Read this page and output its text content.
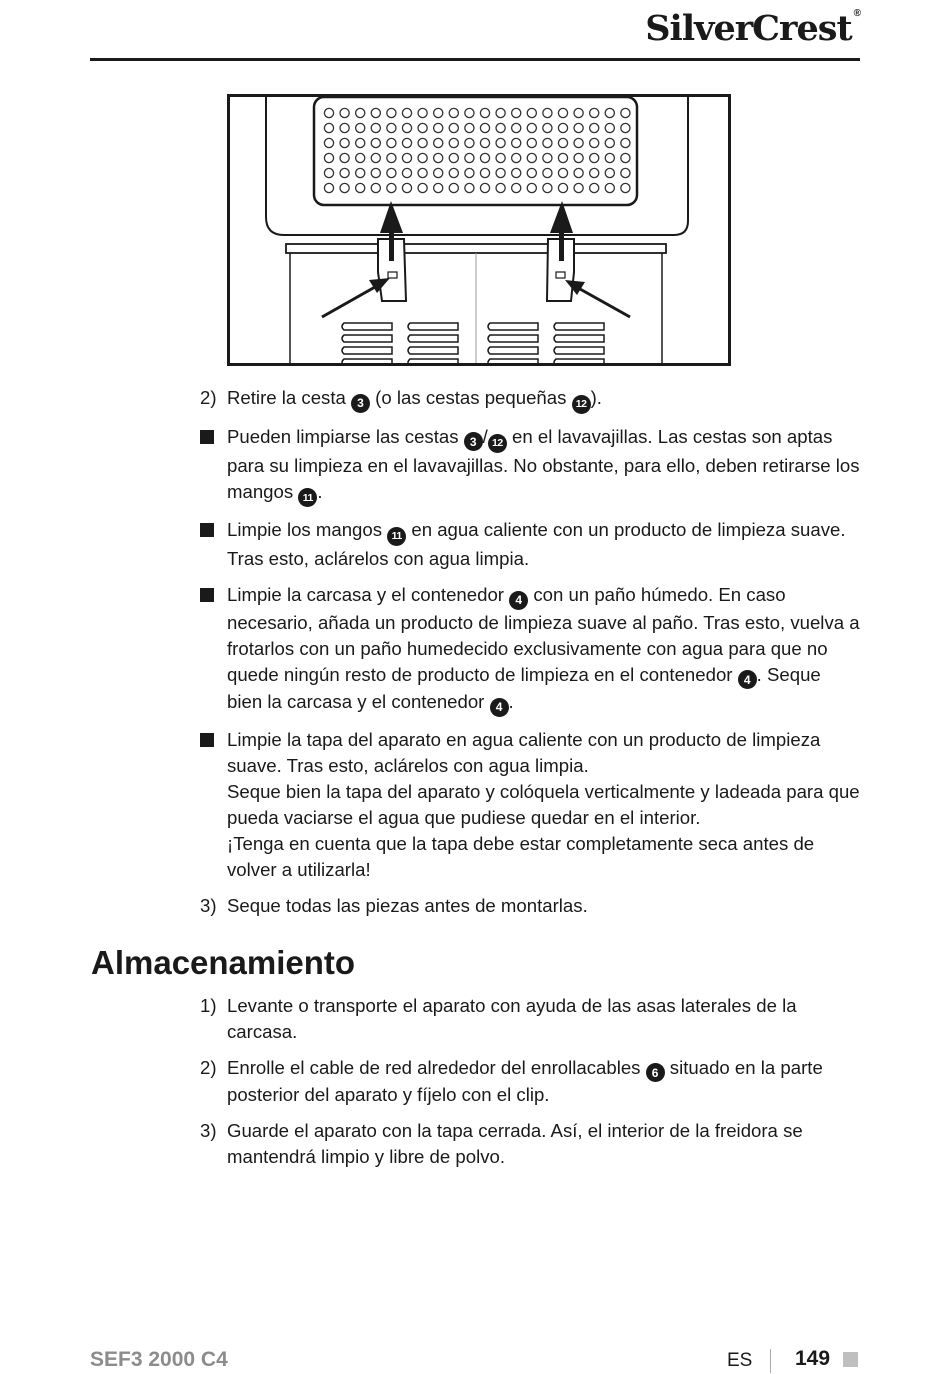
SilverCrest ®
2) Retire la cesta 3 (o las cestas pequeñas 12 ).
Pueden limpiarse las cestas 3 / 12 en el lavavajillas. Las cestas son aptas para su limpieza en el lavavajillas. No obstante, para ello, deben retirarse los mangos 11 .
Limpie los mangos 11 en agua caliente con un producto de limpieza suave. Tras esto, aclárelos con agua limpia.
Limpie la carcasa y el contenedor 4 con un paño húmedo. En caso necesario, añada un producto de limpieza suave al paño. Tras esto, vuelva a frotarlos con un paño humedecido exclusivamente con agua para que no quede ningún resto de producto de limpieza en el contenedor 4 . Seque bien la carcasa y el contenedor 4 .
Limpie la tapa del aparato en agua caliente con un producto de limpieza suave. Tras esto, aclárelos con agua limpia.
Seque bien la tapa del aparato y colóquela verticalmente y ladeada para que pueda vaciarse el agua que pudiese quedar en el interior.
¡Tenga en cuenta que la tapa debe estar completamente seca antes de volver a utilizarla!
3) Seque todas las piezas antes de montarlas.
Almacenamiento
1) Levante o transporte el aparato con ayuda de las asas laterales de la carcasa.
2) Enrolle el cable de red alrededor del enrollacables 6 situado en la parte posterior del aparato y fíjelo con el clip.
3) Guarde el aparato con la tapa cerrada. Así, el interior de la freidora se mantendrá limpio y libre de polvo.
SEF3 2000 C4	ES 149
